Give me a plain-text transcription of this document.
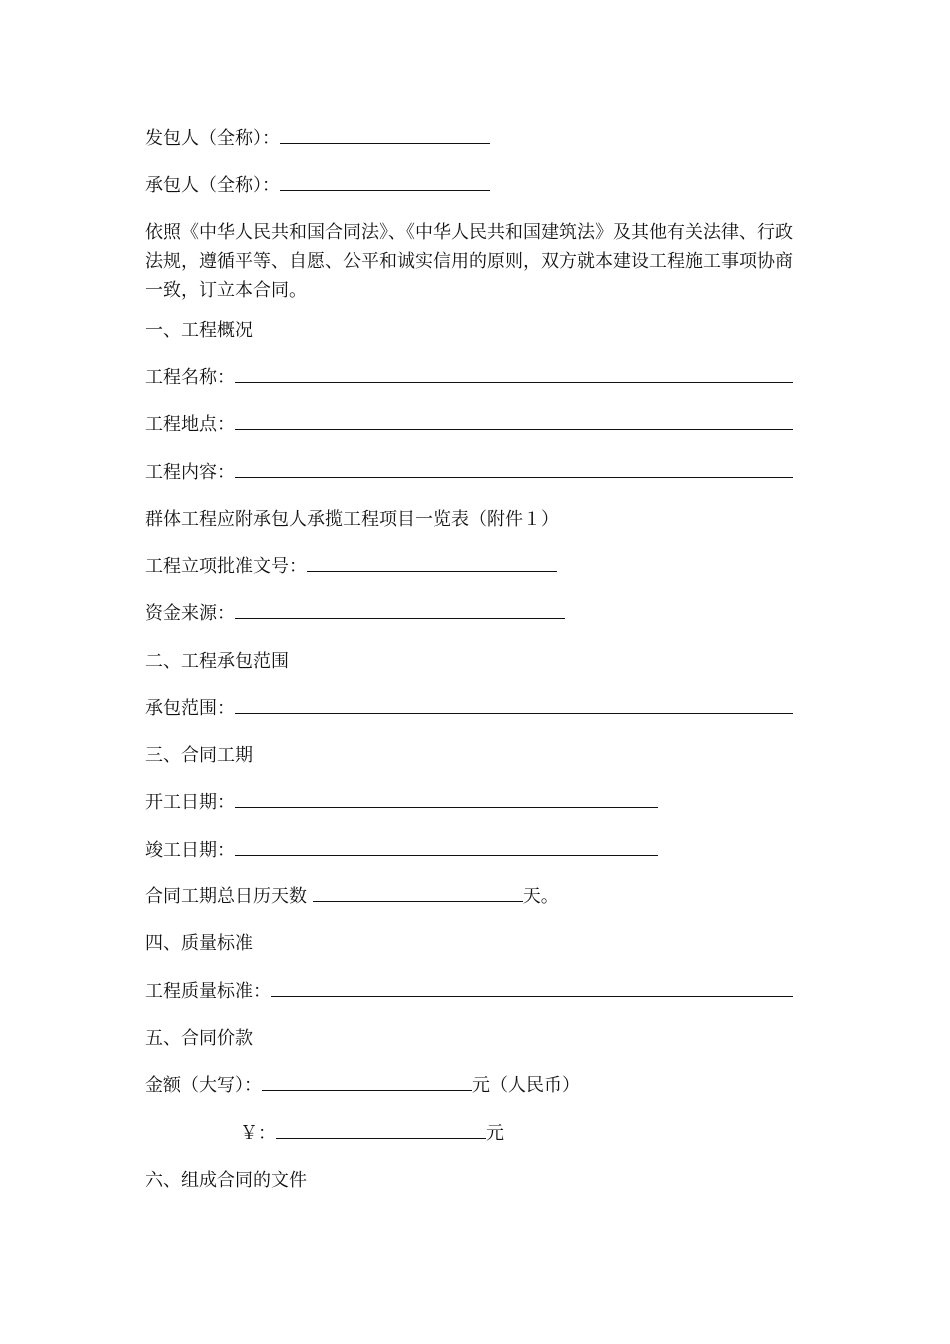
发包人（全称）：
承包人（全称）：
依照《中华人民共和国合同法》、《中华人民共和国建筑法》及其他有关法律、行政法规，遵循平等、自愿、公平和诚实信用的原则，双方就本建设工程施工事项协商一致，订立本合同。
一、工程概况
工程名称：
工程地点：
工程内容：
群体工程应附承包人承揽工程项目一览表（附件１）
工程立项批准文号：
资金来源：
二、工程承包范围
承包范围：
三、合同工期
开工日期：
竣工日期：
合同工期总日历天数	天。
四、质量标准
工程质量标准：
五、合同价款
金额（大写）：	元（人民币）
￥：	元
六、组成合同的文件
